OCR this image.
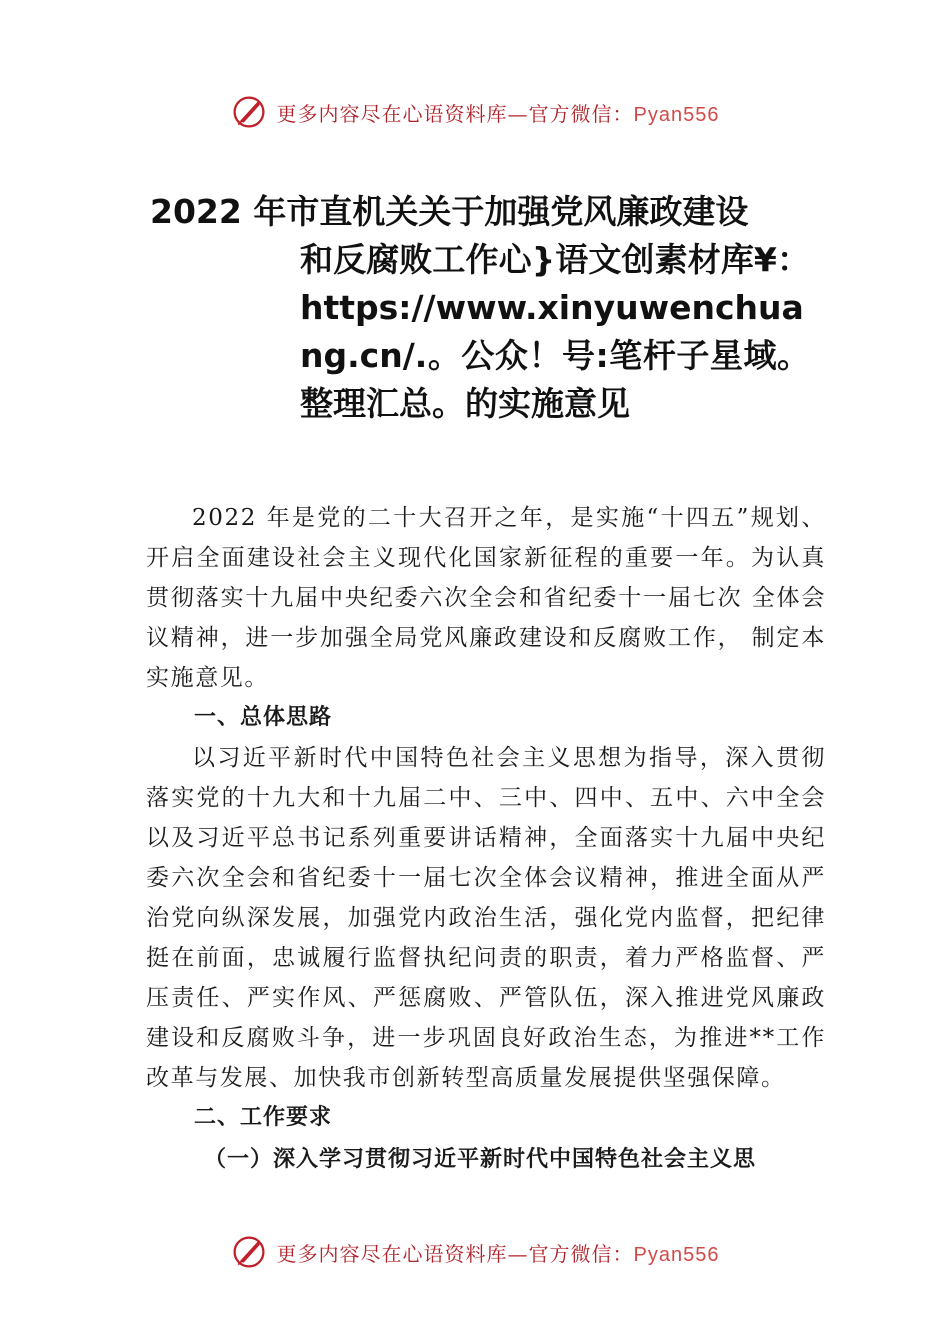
更多内容尽在心语资料库—官方微信：Pyan556
2022 年市直机关关于加强党风廉政建设
和反腐败工作心}语文创素材库¥：https://www.xinyuwenchuang.cn/.。公众！号:笔杆子星域。整理汇总。的实施意见

2022 年是党的二十大召开之年，是实施“十四五”规划、开启全面建设社会主义现代化国家新征程的重要一年。为认真贯彻落实十九届中央纪委六次全会和省纪委十一届七次 全体会议精神，进一步加强全局党风廉政建设和反腐败工作， 制定本实施意见。

一、总体思路

以习近平新时代中国特色社会主义思想为指导，深入贯彻落实党的十九大和十九届二中、三中、四中、五中、六中全会以及习近平总书记系列重要讲话精神，全面落实十九届中央纪委六次全会和省纪委十一届七次全体会议精神，推进全面从严治党向纵深发展，加强党内政治生活，强化党内监督，把纪律挺在前面，忠诚履行监督执纪问责的职责，着力严格监督、严压责任、严实作风、严惩腐败、严管队伍，深入推进党风廉政建设和反腐败斗争，进一步巩固良好政治生态，为推进**工作改革与发展、加快我市创新转型高质量发展提供坚强保障。

二、工作要求
（一）深入学习贯彻习近平新时代中国特色社会主义思
更多内容尽在心语资料库—官方微信：Pyan556
